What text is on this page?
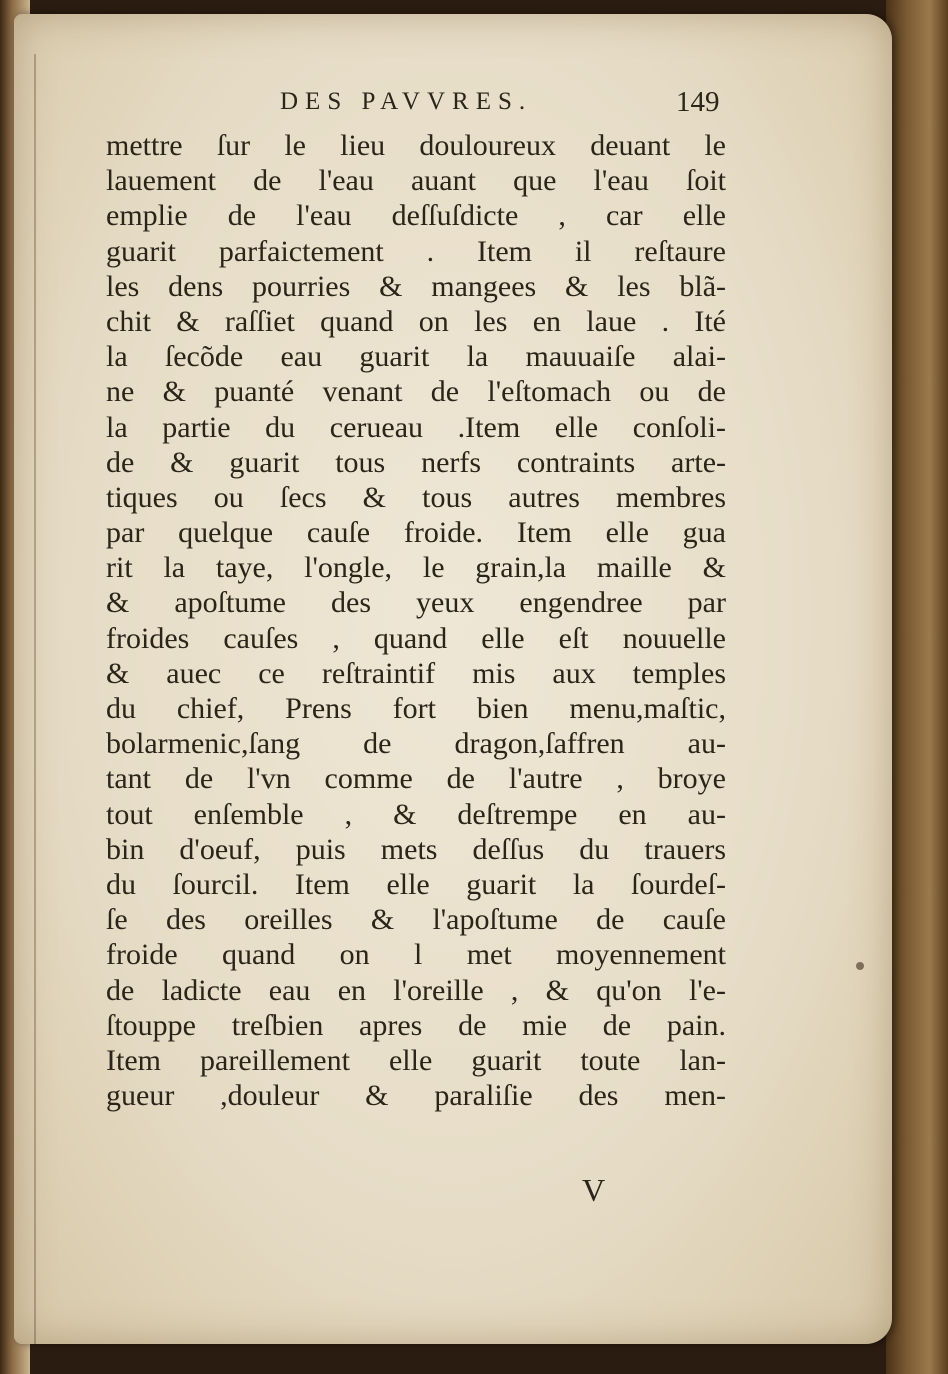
DES PAVVRES.	149
mettre ſur le lieu douloureux deuant le
lauement de l'eau auant que l'eau ſoit
emplie de l'eau deſſuſdicte , car elle
guarit parfaictement . Item il reſtaure
les dens pourries & mangees & les blã-
chit & raſſiet quand on les en laue . Ité
la ſecõde eau guarit la mauuaiſe alai-
ne & puanté venant de l'eſtomach ou de
la partie du cerueau .Item elle conſoli-
de & guarit tous nerfs contraints arte-
tiques ou ſecs & tous autres membres
par quelque cauſe froide. Item elle gua
rit la taye, l'ongle, le grain,la maille &
& apoſtume des yeux engendree par
froides cauſes , quand elle eſt nouuelle
& auec ce reſtraintif mis aux temples
du chief, Prens fort bien menu,maſtic,
bolarmenic,ſang de dragon,ſaffren au-
tant de l'vn comme de l'autre , broye
tout enſemble , & deſtrempe en au-
bin d'oeuf, puis mets deſſus du trauers
du ſourcil. Item elle guarit la ſourdeſ-
ſe des oreilles & l'apoſtume de cauſe
froide quand on l met moyennement
de ladicte eau en l'oreille , & qu'on l'e-
ſtouppe treſbien apres de mie de pain.
Item pareillement elle guarit toute lan-
gueur ,douleur & paraliſie des men-
V
